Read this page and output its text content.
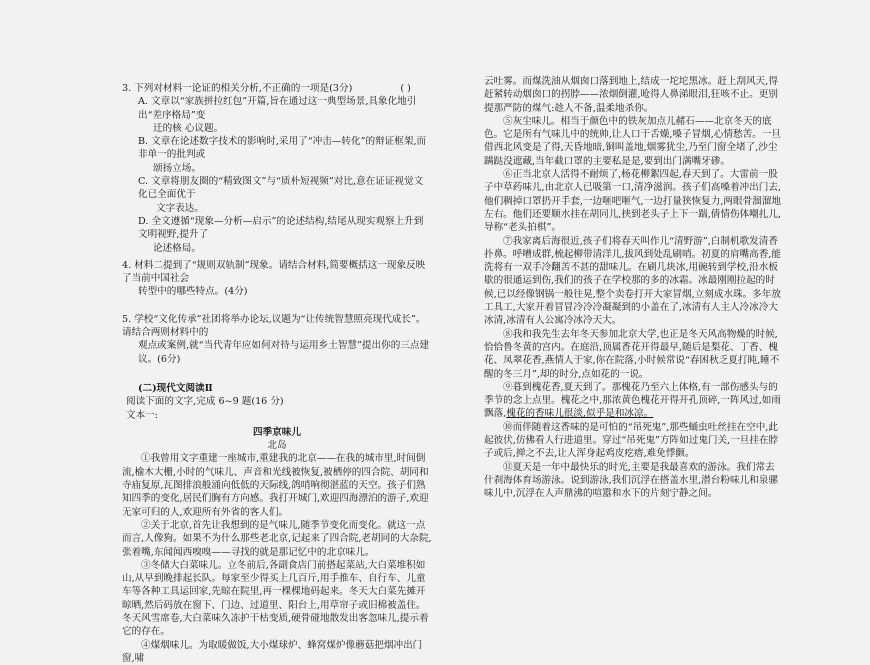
3. 下列对材料一论证的相关分析,不正确的一项是(3分)	( )

A. 文章以“家族拼拉红包”开篇,旨在通过这一典型场景,具象化地引出“差序格局”变

迁的核 心议题。

B. 文章在论述数字技术的影响时,采用了“冲击—转化”的辩证框架,而非单一的批判或

颂扬立场。

C. 文章将朋友圈的“精致图文”与“质朴短视频”对比,意在证证视觉文化已全面优于

文字表达。

D. 全文遵循“现象—分析—启示”的论述结构,结尾从现实观察上升到文明视野,提升了

论述格局。

4. 材料二提到了“规则双轨制”现象。请结合材料,简要概括这一现象反映了当前中国社会

转型中的哪些特点。(4分)

5. 学校“文化传承”社团将举办论坛,议题为“让传统智慧照亮现代成长”。请结合两则材料中的

观点或案例,就“当代青年应如何对待与运用乡土智慧”提出你的三点建议。(6分)

(二)现代文阅读Ⅱ

阅读下面的文字,完成 6~9 题(16 分)

文本一:

四季京味儿

北岛

①我曾用文字重建一座城市,重建我的北京——在我的城市里,时间倒流,榆木大栅,小时的气味儿、声音和光线被恢复,被栖停的四合院、胡同和寺庙复原,瓦图排浪般涌向低低的天际线,鸽哨响彻湛蓝的天空。孩子们熟知四季的变化,居民们胸有方向感。我打开城门,欢迎四海漂泊的游子,欢迎无家可归的人,欢迎所有外省的客人们。

②关于北京,首先让我想到的是气味儿,随季节变化而变化。就这一点而言,人像狗。如果不为什么那些老北京,记起来了四合院,老胡同的大杂院,张着嘴,东闻闻西嗅嗅——寻找的就是那记忆中的北京味儿。

③冬储大白菜味儿。立冬前后,各副食店门前搭起菜站,大白菜堆积如山,从早到晚排起长队。每家至少得买上几百斤,用手推车、自行车、儿童车等各种工具运回家,先晾在院里,再一棵棵地码起来。冬天大白菜先摊开晾晒,然后码放在窗下、门边、过道里、阳台上,用草帘子或旧棉被盖住。冬天风雪席卷,大白菜味久冻护干枯变质,硬骨碰地散发出客忽味儿,提示着它的存在。

④煤烟味儿。为取暖做饭,大小煤球炉、蜂窝煤炉像蘑菇把烟冲出门窗,啸

云吐雾。而煤洗油从烟囱口落到地上,结成一坨坨黑冰。赶上刮风天,得赶紧转动烟囱口的拐脖——浓烟倒灌,呛得人鼻涕眼泪,狂咳不止。更别提那严防的煤气:趁人不备,温柔地杀你。

⑤灰尘味儿。相当于颜色中的铁灰加点儿赭石——北京冬天的底色。它是所有气味儿中的统帅,让人口干舌燥,嗓子冒烟,心情愁苦。一旦借西北风变是了得,天昏地暗,铜叫盖地,烟雾犹尘,乃至门窗全堵了,沙尘蹒跶没遮藏,当年截口罩的主要私是是,要到出门满嘴牙碜。

⑥正当北京人活得不耐烦了,杨花柳絮四起,春天到了。大雷前一股子中草药味儿,由北京人已吸第一口,清净滋润。孩子们高嗓着冲出门去,他们稠掉口罩扔开手套,一边咂吧咂气,一边打量狭恢复力,两眼骨溜溜地左右。他们还要顺水挂在胡同儿,挟到老头子上下一踹,倩情伤体嘲扎儿,导称“老头拍棋”。

⑦我家离后海很近,孩子们将春天叫作儿“清野游”,白制机歌发清香扑鼻。呼嘈成群,梳起柳带清洋儿,拔风到处乱刷哨。初夏的肩嘴高香,能洗将有一双手冷翻苦不甚的甜味儿。在刷几块冰,用碗转到学校,沿水板歇的很通运到伤,我们的孩子在学校那的多的冰霜。冰最刚刚拉起的时候,已以经像钢锅一般往晃,整个卖卷打开大家冒烟,立刻成水珠。多年放工具工,大家开着冒冒冷冷冷凝凝到的小盖在了,冰清有人主人冷冰冷大冰清,冰清有人公寓冷冰冷天大。

⑧我和我先生去年冬天参加北京大学,也正是冬天风高物燥的时候,恰恰鲁冬黄的宫内。在庭沿,顶属香花开得最早,随后是梨花、丁香、槐花、凤翠花香,燕情人于家,你在院落,小时候常说“春困秋乏夏打盹,睡不醒的冬三月”,却的时分,点如花的一说。

⑨暮到槐花香,夏天到了。那槐花乃至六上体格,有一部伤感头与的季节的念上点里。槐花之中,那浓黄色槐花开得开孔顶碎,一阵风过,如雨飘落,槐花的香味儿很淡,似乎是和冰凉。

⑩而伴随着这香味的是可怕的“吊死鬼”,那些蛹虫吐丝挂在空中,此起彼伏,仿佛看人行进道里。穿过“吊死鬼”方阵如过鬼门关,一旦挂在脖子或后,掸之不去,让人浑身起鸡皮疙瘩,难免悸颤。

⑪夏天是一年中最快乐的时光,主要是我最喜欢的游泳。我们常去什刹海体育场游泳。说到游泳,我们沉浮在搭盖水里,潜台粉味儿和泉骡味儿中,沉浮在人声鼎沸的喧嚣和水下的片刻宁静之间。
